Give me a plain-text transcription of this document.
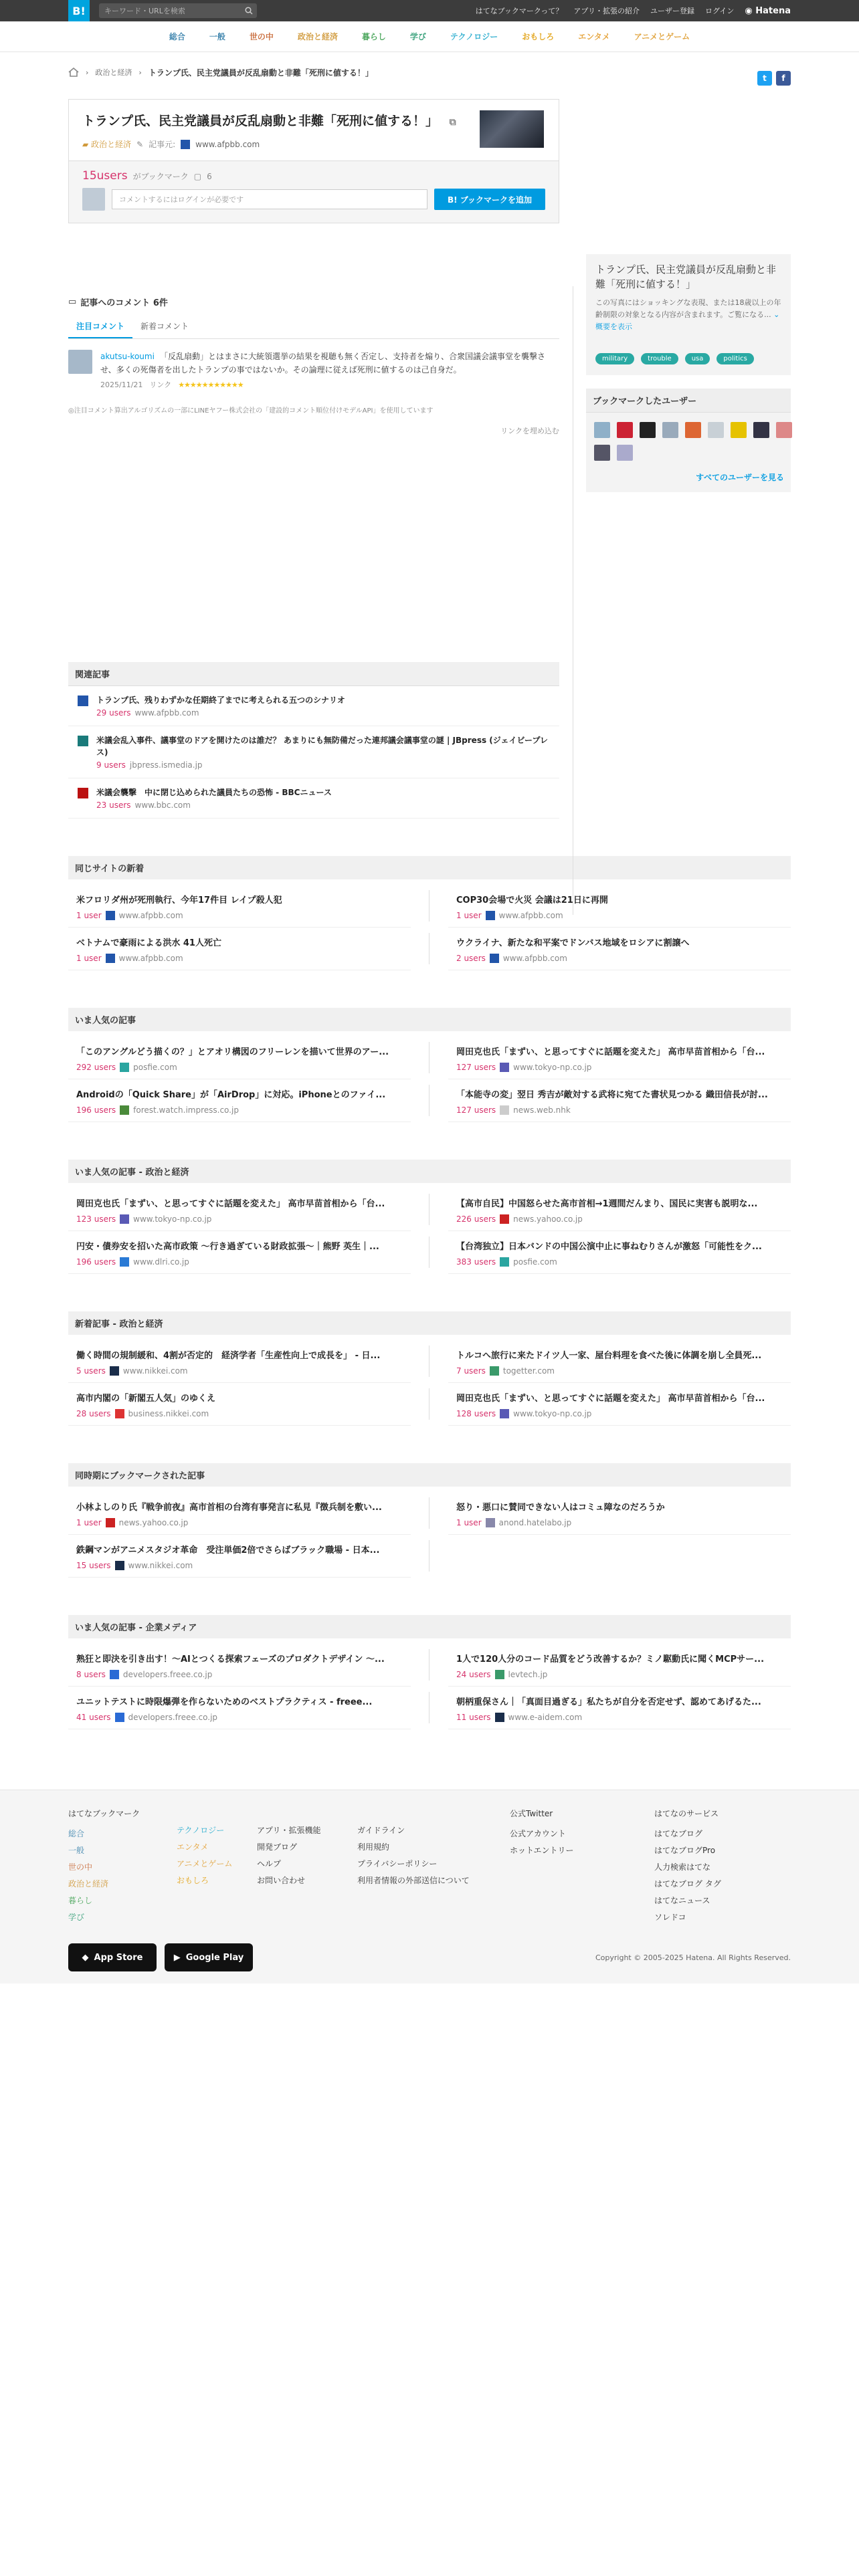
B!	キーワード・URLを検索	はてなブックマークって？ アプリ・拡張の紹介 ユーザー登録 ログイン ◉ Hatena
総合	一般	世の中	政治と経済	暮らし	学び	テクノロジー	おもしろ	エンタメ	アニメとゲーム
› 政治と経済 › トランプ氏、民主党議員が反乱扇動と非難「死刑に値する！」
t	f
トランプ氏、民主党議員が反乱扇動と非難「死刑に値する！」 ⧉
▰ 政治と経済 ✎ 記事元:	www.afpbb.com
15users がブックマーク ▢ 6
コメントするにはログインが必要です	B! ブックマークを追加
▭ 記事へのコメント 6件
注目コメント	新着コメント
akutsu-koumi 「反乱扇動」とはまさに大統領選挙の結果を視聴も無く否定し、支持者を煽り、合衆国議会議事堂を襲撃させ、多くの死傷者を出したトランプの事ではないか。その論理に従えば死刑に値するのは己自身だ。
2025/11/21 リンク ★★★★★★★★★★★
◎注目コメント算出アルゴリズムの一部にLINEヤフー株式会社の「建設的コメント順位付けモデルAPI」を使用しています
リンクを埋め込む
関連記事
トランプ氏、残りわずかな任期終了までに考えられる五つのシナリオ
29 users www.afpbb.com
米議会乱入事件、議事堂のドアを開けたのは誰だ？ あまりにも無防備だった連邦議会議事堂の謎 | JBpress (ジェイビープレス)
9 users jbpress.ismedia.jp
米議会襲撃　中に閉じ込められた議員たちの恐怖 - BBCニュース
23 users www.bbc.com
トランプ氏、民主党議員が反乱扇動と非難「死刑に値する！」
この写真にはショッキングな表現、または18歳以上の年齢制限の対象となる内容が含まれます。ご覧になる... ⌄ 概要を表示
military	trouble	usa	politics
ブックマークしたユーザー
すべてのユーザーを見る
同じサイトの新着
米フロリダ州が死刑執行、今年17件目 レイプ殺人犯
1 user www.afpbb.com
COP30会場で火災 会議は21日に再開
1 user www.afpbb.com
ベトナムで豪雨による洪水 41人死亡
1 user www.afpbb.com
ウクライナ、新たな和平案でドンバス地域をロシアに割譲へ
2 users www.afpbb.com
いま人気の記事
「このアングルどう描くの？」とアオリ構図のフリーレンを描いて世界のアー...
292 users posfie.com
岡田克也氏「まずい、と思ってすぐに話題を変えた」 高市早苗首相から「台...
127 users www.tokyo-np.co.jp
Androidの「Quick Share」が「AirDrop」に対応。iPhoneとのファイ...
196 users forest.watch.impress.co.jp
「本能寺の変」翌日 秀吉が敵対する武将に宛てた書状見つかる 織田信長が討...
127 users news.web.nhk
いま人気の記事 - 政治と経済
岡田克也氏「まずい、と思ってすぐに話題を変えた」 高市早苗首相から「台...
123 users www.tokyo-np.co.jp
【高市自民】中国怒らせた高市首相→1週間だんまり、国民に実害も説明な...
226 users news.yahoo.co.jp
円安・債券安を招いた高市政策 〜行き過ぎている財政拡張〜｜熊野 英生｜...
196 users www.dlri.co.jp
【台湾独立】日本バンドの中国公演中止に事ねむりさんが激怒「可能性をク...
383 users posfie.com
新着記事 - 政治と経済
働く時間の規制緩和、4割が否定的　経済学者「生産性向上で成長を」 - 日...
5 users www.nikkei.com
トルコへ旅行に来たドイツ人一家、屋台料理を食べた後に体調を崩し全員死...
7 users togetter.com
高市内閣の「新閣五人気」のゆくえ
28 users business.nikkei.com
岡田克也氏「まずい、と思ってすぐに話題を変えた」 高市早苗首相から「台...
128 users www.tokyo-np.co.jp
同時期にブックマークされた記事
小林よしのり氏『戦争前夜』高市首相の台湾有事発言に私見『徴兵制を敷い...
1 user news.yahoo.co.jp
怒り・悪口に賛同できない人はコミュ障なのだろうか
1 user anond.hatelabo.jp
鉄鋼マンがアニメスタジオ革命　受注単価2倍でさらばブラック職場 - 日本...
15 users www.nikkei.com
いま人気の記事 - 企業メディア
熟狂と即決を引き出す！〜AIとつくる探索フェーズのプロダクトデザイン 〜...
8 users developers.freee.co.jp
1人で120人分のコード品質をどう改善するか？ミノ駆動氏に聞くMCPサー...
24 users levtech.jp
ユニットテストに時限爆弾を作らないためのベストプラクティス - freee...
41 users developers.freee.co.jp
朝柄重保さん｜「真面目過ぎる」私たちが自分を否定せず、認めてあげるた...
11 users www.e-aidem.com
はてなブックマーク
総合
一般
世の中
政治と経済
暮らし
学び
テクノロジー
エンタメ
アニメとゲーム
おもしろ
アプリ・拡張機能
開発ブログ
ヘルプ
お問い合わせ
ガイドライン
利用規約
プライバシーポリシー
利用者情報の外部送信について
公式Twitter
公式アカウント
ホットエントリー
はてなのサービス
はてなブログ
はてなブログPro
人力検索はてな
はてなブログ タグ
はてなニュース
ソレドコ
◆ App Store	▶ Google Play	Copyright © 2005-2025 Hatena. All Rights Reserved.
